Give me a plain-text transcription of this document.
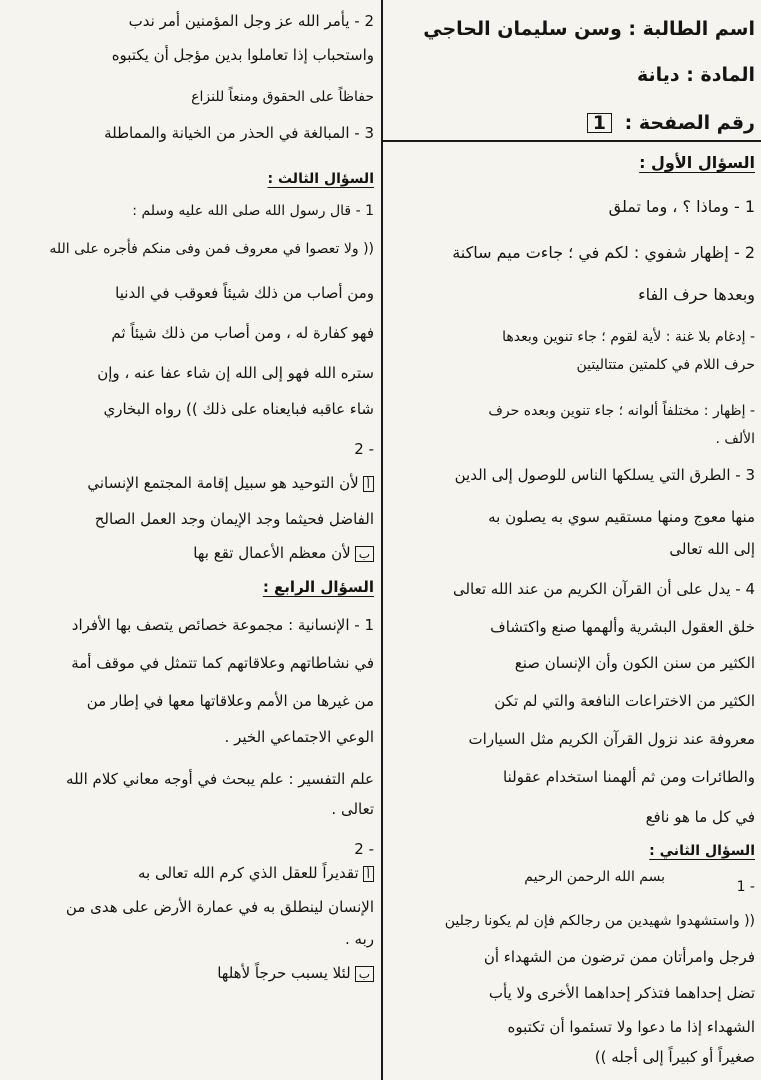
اسم الطالبة : وسن سليمان الحاجي
المادة : ديانة
رقم الصفحة : 1
السؤال الأول :
1 - وماذا ؟ ، وما تملق
2 - إظهار شفوي : لكم في ؛ جاءت ميم ساكنة
وبعدها حرف الفاء
- إدغام بلا غنة : لأية لقوم ؛ جاء تنوين وبعدها
حرف اللام في كلمتين متتاليتين
- إظهار : مختلفاً ألوانه ؛ جاء تنوين وبعده حرف
الألف .
3 - الطرق التي يسلكها الناس للوصول إلى الدين
منها معوج ومنها مستقيم سوي به يصلون به
إلى الله تعالى
4 - يدل على أن القرآن الكريم من عند الله تعالى
خلق العقول البشرية وألهمها صنع واكتشاف
الكثير من سنن الكون وأن الإنسان صنع
الكثير من الاختراعات النافعة والتي لم تكن
معروفة عند نزول القرآن الكريم مثل السيارات
والطائرات ومن ثم ألهمنا استخدام عقولنا
في كل ما هو نافع
السؤال الثاني :
بسم الله الرحمن الرحيم
- 1
(( واستشهدوا شهيدين من رجالكم فإن لم يكونا رجلين
فرجل وامرأتان ممن ترضون من الشهداء أن
تضل إحداهما فتذكر إحداهما الأخرى ولا يأب
الشهداء إذا ما دعوا ولا تسئموا أن تكتبوه
صغيراً أو كبيراً إلى أجله ))
2 - يأمر الله عز وجل المؤمنين أمر ندب
واستحباب إذا تعاملوا بدين مؤجل أن يكتبوه
حفاظاً على الحقوق ومنعاً للنزاع
3 - المبالغة في الحذر من الخيانة والمماطلة
السؤال الثالث :
1 - قال رسول الله صلى الله عليه وسلم :
(( ولا تعصوا في معروف فمن وفى منكم فأجره على الله
ومن أصاب من ذلك شيئاً فعوقب في الدنيا
فهو كفارة له ، ومن أصاب من ذلك شيئاً ثم
ستره الله فهو إلى الله إن شاء عفا عنه ، وإن
شاء عاقبه فبايعناه على ذلك )) رواه البخاري
- 2
ألأن التوحيد هو سبيل إقامة المجتمع الإنساني
الفاضل فحيثما وجد الإيمان وجد العمل الصالح
بلأن معظم الأعمال تقع بها
السؤال الرابع :
1 - الإنسانية : مجموعة خصائص يتصف بها الأفراد
في نشاطاتهم وعلاقاتهم كما تتمثل في موقف أمة
من غيرها من الأمم وعلاقاتها معها في إطار من
الوعي الاجتماعي الخير .
علم التفسير : علم يبحث في أوجه معاني كلام الله
تعالى .
- 2
أتقديراً للعقل الذي كرم الله تعالى به
الإنسان لينطلق به في عمارة الأرض على هدى من
ربه .
بلئلا يسبب حرجاً لأهلها
